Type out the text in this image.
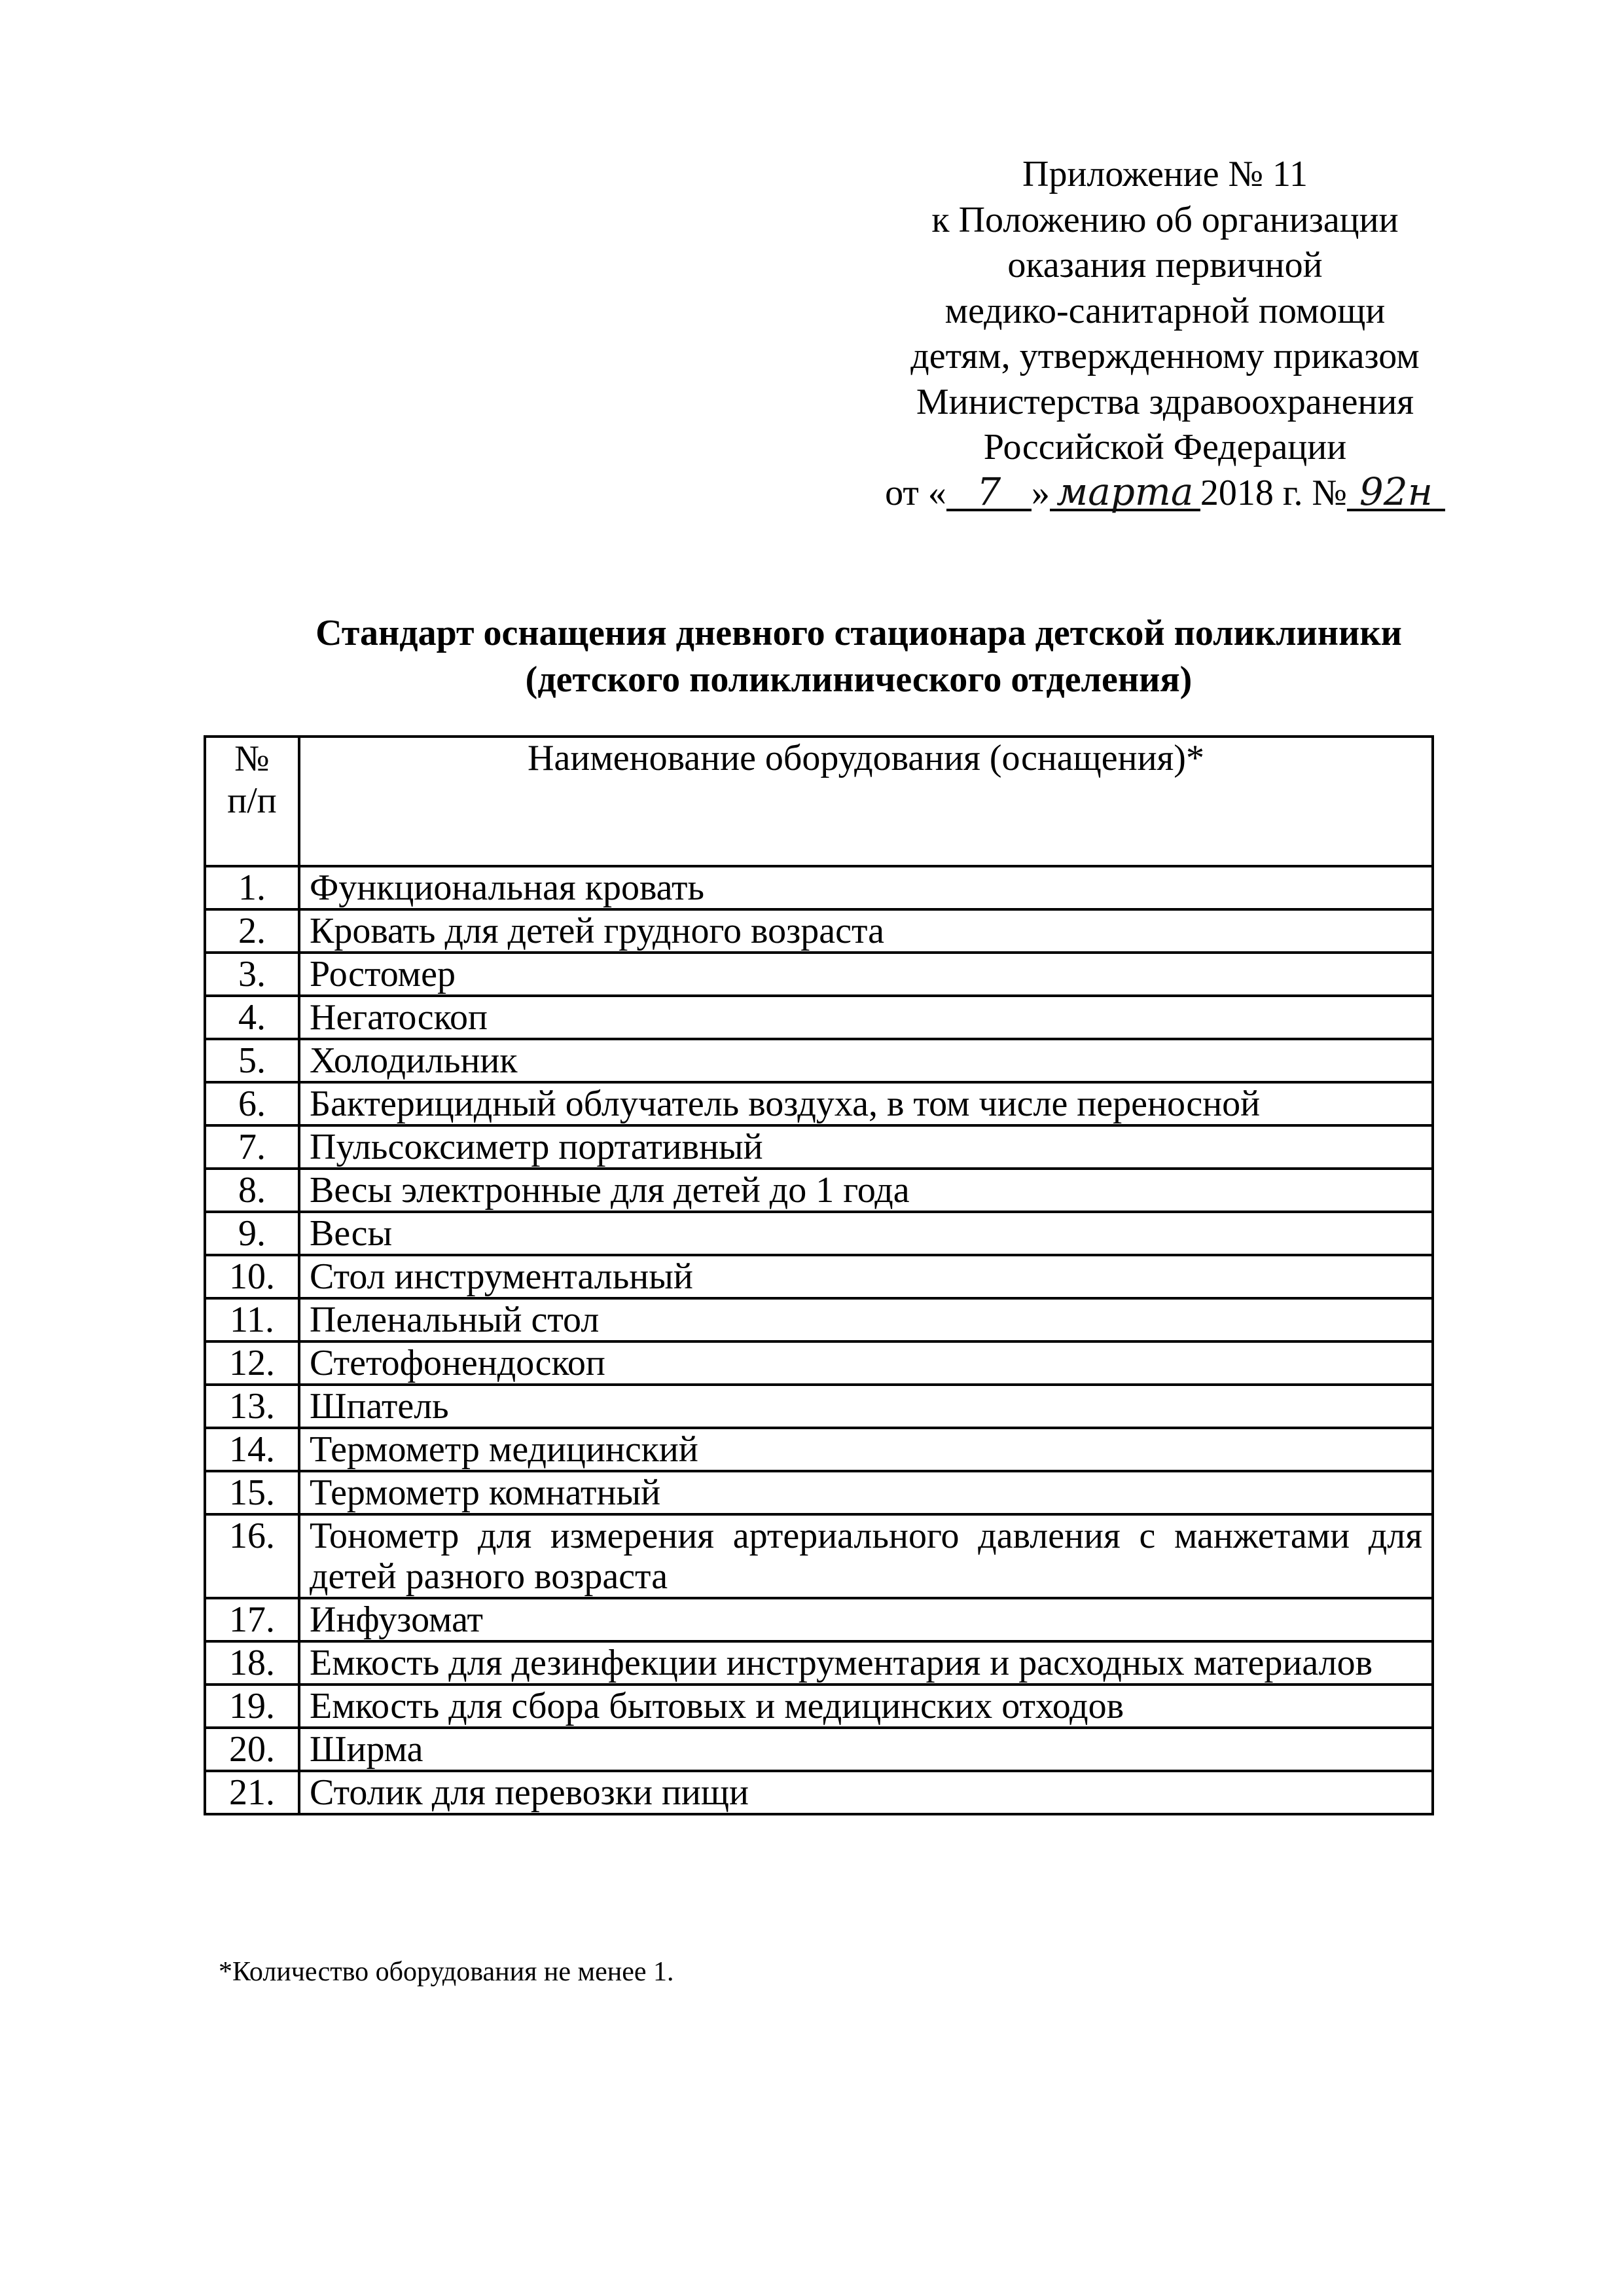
Приложение № 11
к Положению об организации
оказания первичной
медико-санитарной помощи
детям, утвержденному приказом
Министерства здравоохранения
Российской Федерации
от « 7 » марта 2018 г. № 92н
Стандарт оснащения дневного стационара детской поликлиники
(детского поликлинического отделения)
№
п/п	Наименование оборудования (оснащения)*
1.	Функциональная кровать
2.	Кровать для детей грудного возраста
3.	Ростомер
4.	Негатоскоп
5.	Холодильник
6.	Бактерицидный облучатель воздуха, в том числе переносной
7.	Пульсоксиметр портативный
8.	Весы электронные для детей до 1 года
9.	Весы
10.	Стол инструментальный
11.	Пеленальный стол
12.	Стетофонендоскоп
13.	Шпатель
14.	Термометр медицинский
15.	Термометр комнатный
16.	Тонометр для измерения артериального давления с манжетами для детей разного возраста
17.	Инфузомат
18.	Емкость для дезинфекции инструментария и расходных материалов
19.	Емкость для сбора бытовых и медицинских отходов
20.	Ширма
21.	Столик для перевозки пищи
*Количество оборудования не менее 1.
